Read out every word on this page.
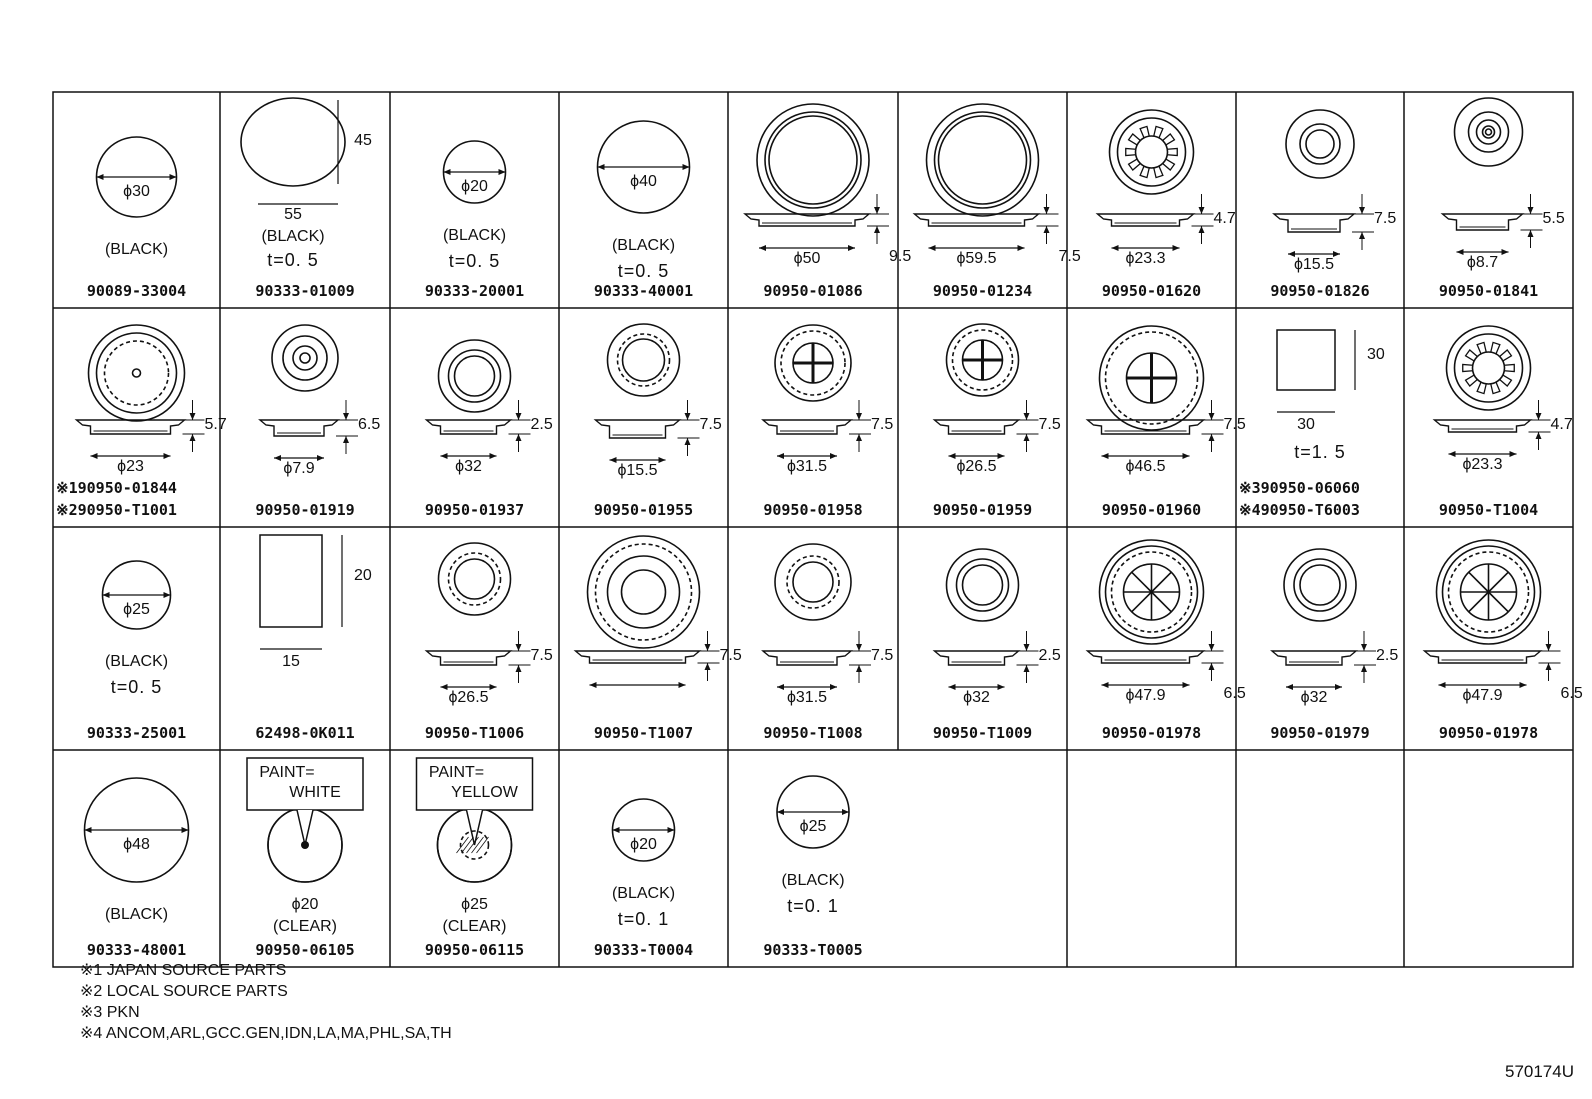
ϕ30
(BLACK)
90089-33004
55
45
(BLACK)
t=0. 5
90333-01009
ϕ20
(BLACK)
t=0. 5
90333-20001
ϕ40
(BLACK)
t=0. 5
90333-40001
ϕ50	9.5
90950-01086
ϕ59.5	7.5
90950-01234
ϕ23.3
4.7
90950-01620
ϕ15.5
7.5
90950-01826
ϕ8.7
5.5
90950-01841
ϕ23
5.7
※190950-01844
※290950-T1001
ϕ7.9
6.5
90950-01919
ϕ32
2.5
90950-01937
ϕ15.5
7.5
90950-01955
ϕ31.5
7.5
90950-01958
ϕ26.5
7.5
90950-01959
ϕ46.5
7.5
90950-01960
30
30
t=1. 5
※390950-06060
※490950-T6003
ϕ23.3
4.7
90950-T1004
ϕ25
(BLACK)
t=0. 5
90333-25001
20
15
62498-0K011
ϕ26.5
7.5
90950-T1006
7.5
90950-T1007
ϕ31.5
7.5
90950-T1008
ϕ32
2.5
90950-T1009
ϕ47.9	6.5
90950-01978
ϕ32
2.5
90950-01979
ϕ47.9	6.5
90950-01978
ϕ48
(BLACK)
90333-48001
PAINT=
WHITE
ϕ20
(CLEAR)
90950-06105
PAINT=
YELLOW
ϕ25
(CLEAR)
90950-06115
ϕ20
(BLACK)
t=0. 1
90333-T0004
ϕ25
(BLACK)
t=0. 1
90333-T0005
※1 JAPAN SOURCE PARTS
※2 LOCAL SOURCE PARTS
※3 PKN
※4 ANCOM,ARL,GCC.GEN,IDN,LA,MA,PHL,SA,TH
570174U
